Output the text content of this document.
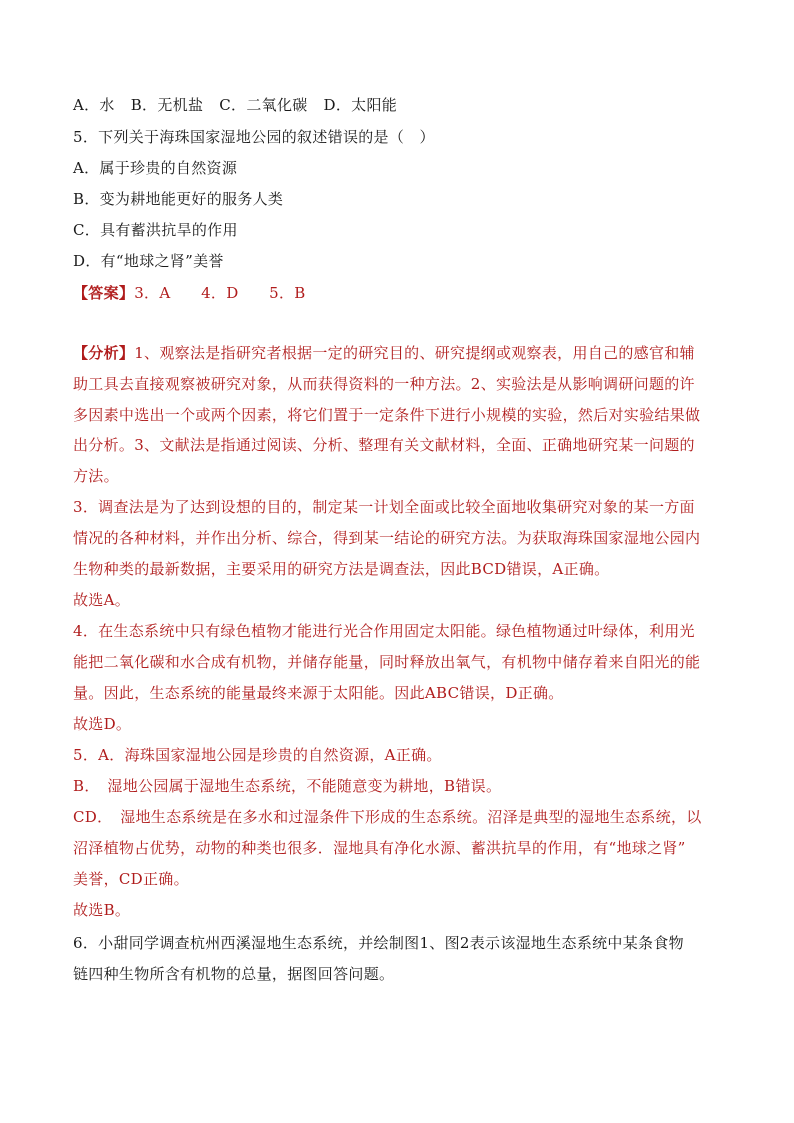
A．水 B．无机盐 C．二氧化碳 D．太阳能
5．下列关于海珠国家湿地公园的叙述错误的是（　）
A．属于珍贵的自然资源
B．变为耕地能更好的服务人类
C．具有蓄洪抗旱的作用
D．有“地球之肾”美誉
【答案】3．A　　4．D　　5．B
【分析】1、观察法是指研究者根据一定的研究目的、研究提纲或观察表，用自己的感官和辅
助工具去直接观察被研究对象，从而获得资料的一种方法。2、实验法是从影响调研问题的许
多因素中选出一个或两个因素，将它们置于一定条件下进行小规模的实验，然后对实验结果做
出分析。3、文献法是指通过阅读、分析、整理有关文献材料，全面、正确地研究某一问题的
方法。
3．调查法是为了达到设想的目的，制定某一计划全面或比较全面地收集研究对象的某一方面
情况的各种材料，并作出分析、综合，得到某一结论的研究方法。为获取海珠国家湿地公园内
生物种类的最新数据，主要采用的研究方法是调查法，因此BCD错误，A正确。
故选A。
4．在生态系统中只有绿色植物才能进行光合作用固定太阳能。绿色植物通过叶绿体，利用光
能把二氧化碳和水合成有机物，并储存能量，同时释放出氧气，有机物中储存着来自阳光的能
量。因此，生态系统的能量最终来源于太阳能。因此ABC错误，D正确。
故选D。
5．A．海珠国家湿地公园是珍贵的自然资源，A正确。
B．　湿地公园属于湿地生态系统，不能随意变为耕地，B错误。
CD．　湿地生态系统是在多水和过湿条件下形成的生态系统。沼泽是典型的湿地生态系统，以
沼泽植物占优势，动物的种类也很多．湿地具有净化水源、蓄洪抗旱的作用，有“地球之肾”
美誉，CD正确。
故选B。
6．小甜同学调查杭州西溪湿地生态系统，并绘制图1、图2表示该湿地生态系统中某条食物
链四种生物所含有机物的总量，据图回答问题。
